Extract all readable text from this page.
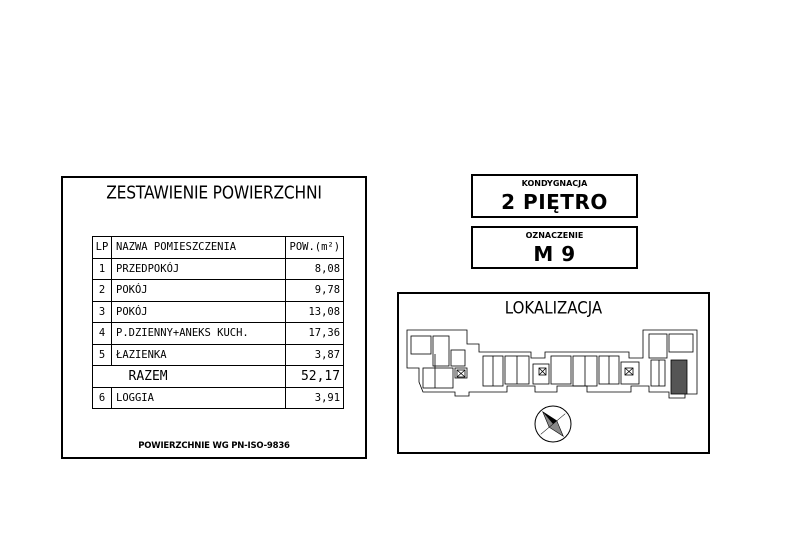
ZESTAWIENIE POWIERZCHNI
LP	NAZWA POMIESZCZENIA	POW.(m²)
1	PRZEDPOKÓJ	8,08
2	POKÓJ	9,78
3	POKÓJ	13,08
4	P.DZIENNY+ANEKS KUCH.	17,36
5	ŁAZIENKA	3,87
	RAZEM	52,17
6	LOGGIA	3,91
POWIERZCHNIE WG PN-ISO-9836
KONDYGNACJA
2 PIĘTRO
OZNACZENIE
M 9
LOKALIZACJA
